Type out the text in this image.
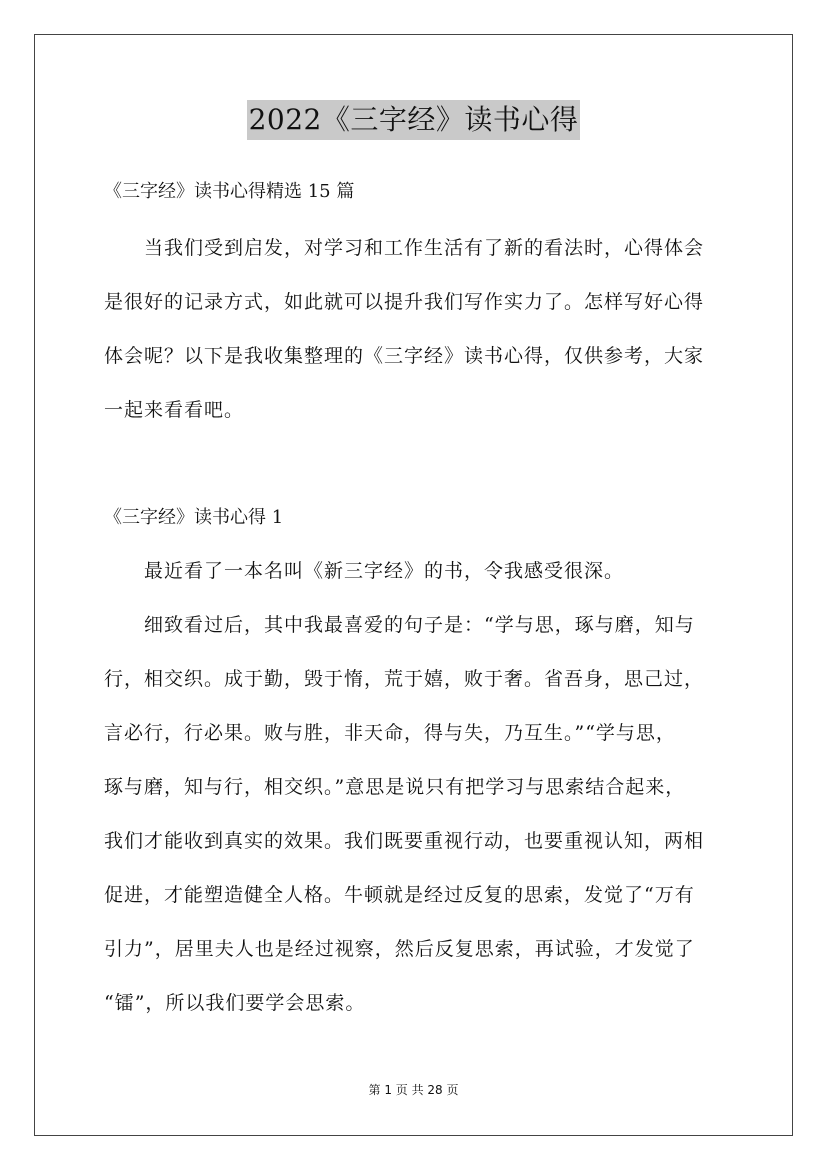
2022《三字经》读书心得
《三字经》读书心得精选 15 篇
当我们受到启发，对学习和工作生活有了新的看法时，心得体会
是很好的记录方式，如此就可以提升我们写作实力了。怎样写好心得
体会呢？以下是我收集整理的《三字经》读书心得，仅供参考，大家
一起来看看吧。
《三字经》读书心得 1
最近看了一本名叫《新三字经》的书，令我感受很深。
细致看过后，其中我最喜爱的句子是：“学与思，琢与磨，知与
行，相交织。成于勤，毁于惰，荒于嬉，败于奢。省吾身，思己过，
言必行，行必果。败与胜，非天命，得与失，乃互生。”“学与思，
琢与磨，知与行，相交织。”意思是说只有把学习与思索结合起来，
我们才能收到真实的效果。我们既要重视行动，也要重视认知，两相
促进，才能塑造健全人格。牛顿就是经过反复的思索，发觉了“万有
引力”，居里夫人也是经过视察，然后反复思索，再试验，才发觉了
“镭”，所以我们要学会思索。
第 1 页 共 28 页
